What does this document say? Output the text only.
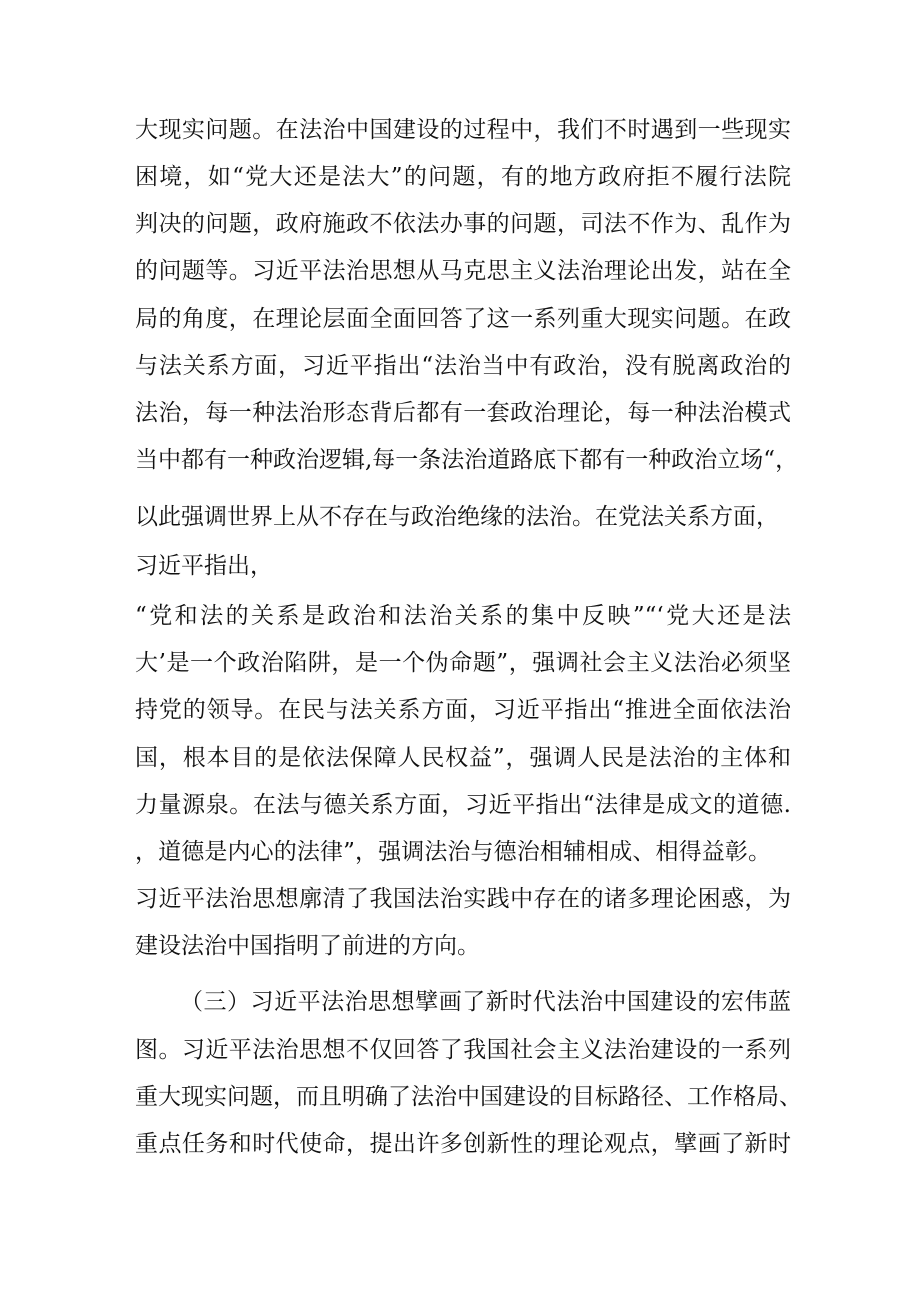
大现实问题。在法治中国建设的过程中，我们不时遇到一些现实
困境，如“党大还是法大”的问题，有的地方政府拒不履行法院
判决的问题，政府施政不依法办事的问题，司法不作为、乱作为
的问题等。习近平法治思想从马克思主义法治理论出发，站在全
局的角度，在理论层面全面回答了这一系列重大现实问题。在政
与法关系方面，习近平指出“法治当中有政治，没有脱离政治的
法治，每一种法治形态背后都有一套政治理论，每一种法治模式
当中都有一种政治逻辑,每一条法治道路底下都有一种政治立场“，
以此强调世界上从不存在与政治绝缘的法治。在党法关系方面，
习近平指出，
“党和法的关系是政治和法治关系的集中反映”“‘党大还是法
大’是一个政治陷阱，是一个伪命题”，强调社会主义法治必须坚
持党的领导。在民与法关系方面，习近平指出“推进全面依法治
国，根本目的是依法保障人民权益”，强调人民是法治的主体和
力量源泉。在法与德关系方面，习近平指出“法律是成文的道德.
，道德是内心的法律”，强调法治与德治相辅相成、相得益彰。
习近平法治思想廓清了我国法治实践中存在的诸多理论困惑，为
建设法治中国指明了前进的方向。
（三）习近平法治思想擘画了新时代法治中国建设的宏伟蓝
图。习近平法治思想不仅回答了我国社会主义法治建设的一系列
重大现实问题，而且明确了法治中国建设的目标路径、工作格局、
重点任务和时代使命，提出许多创新性的理论观点，擘画了新时
